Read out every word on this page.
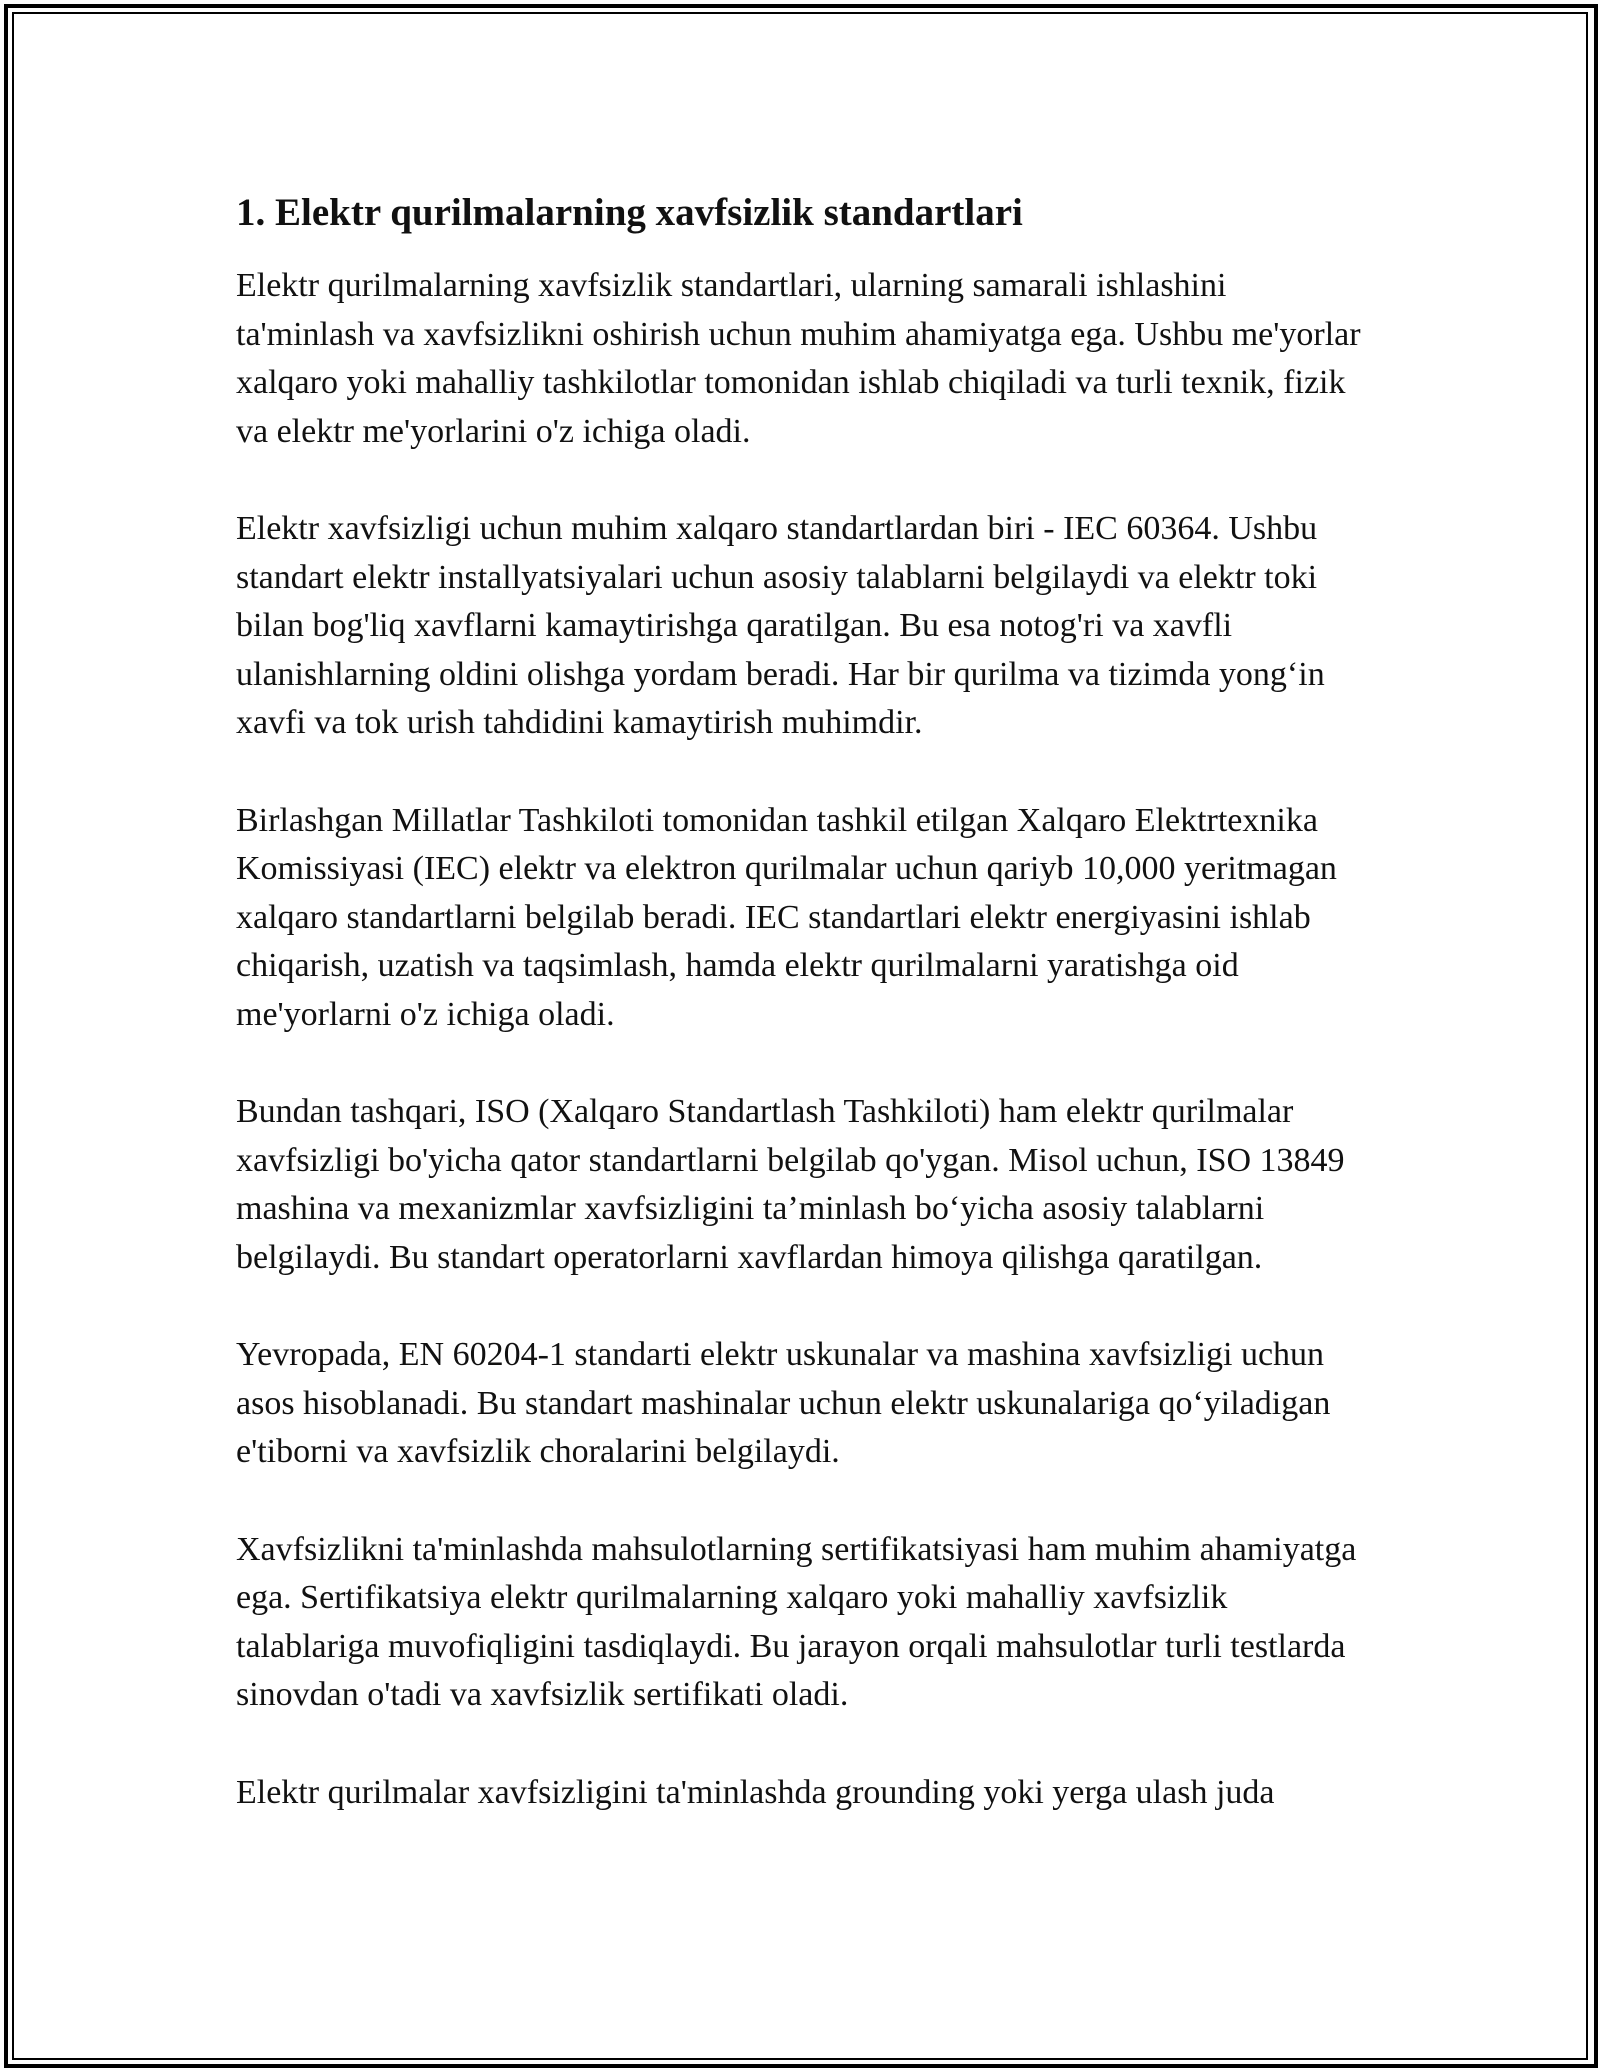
1. Elektr qurilmalarning xavfsizlik standartlari

Elektr qurilmalarning xavfsizlik standartlari, ularning samarali ishlashini ta'minlash va xavfsizlikni oshirish uchun muhim ahamiyatga ega. Ushbu me'yorlar xalqaro yoki mahalliy tashkilotlar tomonidan ishlab chiqiladi va turli texnik, fizik va elektr me'yorlarini o'z ichiga oladi.

Elektr xavfsizligi uchun muhim xalqaro standartlardan biri - IEC 60364. Ushbu standart elektr installyatsiyalari uchun asosiy talablarni belgilaydi va elektr toki bilan bog'liq xavflarni kamaytirishga qaratilgan. Bu esa notog'ri va xavfli ulanishlarning oldini olishga yordam beradi. Har bir qurilma va tizimda yong‘in xavfi va tok urish tahdidini kamaytirish muhimdir.

Birlashgan Millatlar Tashkiloti tomonidan tashkil etilgan Xalqaro Elektrtexnika Komissiyasi (IEC) elektr va elektron qurilmalar uchun qariyb 10,000 yeritmagan xalqaro standartlarni belgilab beradi. IEC standartlari elektr energiyasini ishlab chiqarish, uzatish va taqsimlash, hamda elektr qurilmalarni yaratishga oid me'yorlarni o'z ichiga oladi.

Bundan tashqari, ISO (Xalqaro Standartlash Tashkiloti) ham elektr qurilmalar xavfsizligi bo'yicha qator standartlarni belgilab qo'ygan. Misol uchun, ISO 13849 mashina va mexanizmlar xavfsizligini ta’minlash bo‘yicha asosiy talablarni belgilaydi. Bu standart operatorlarni xavflardan himoya qilishga qaratilgan.

Yevropada, EN 60204-1 standarti elektr uskunalar va mashina xavfsizligi uchun asos hisoblanadi. Bu standart mashinalar uchun elektr uskunalariga qo‘yiladigan e'tiborni va xavfsizlik choralarini belgilaydi.

Xavfsizlikni ta'minlashda mahsulotlarning sertifikatsiyasi ham muhim ahamiyatga ega. Sertifikatsiya elektr qurilmalarning xalqaro yoki mahalliy xavfsizlik talablariga muvofiqligini tasdiqlaydi. Bu jarayon orqali mahsulotlar turli testlarda sinovdan o'tadi va xavfsizlik sertifikati oladi.

Elektr qurilmalar xavfsizligini ta'minlashda grounding yoki yerga ulash juda
